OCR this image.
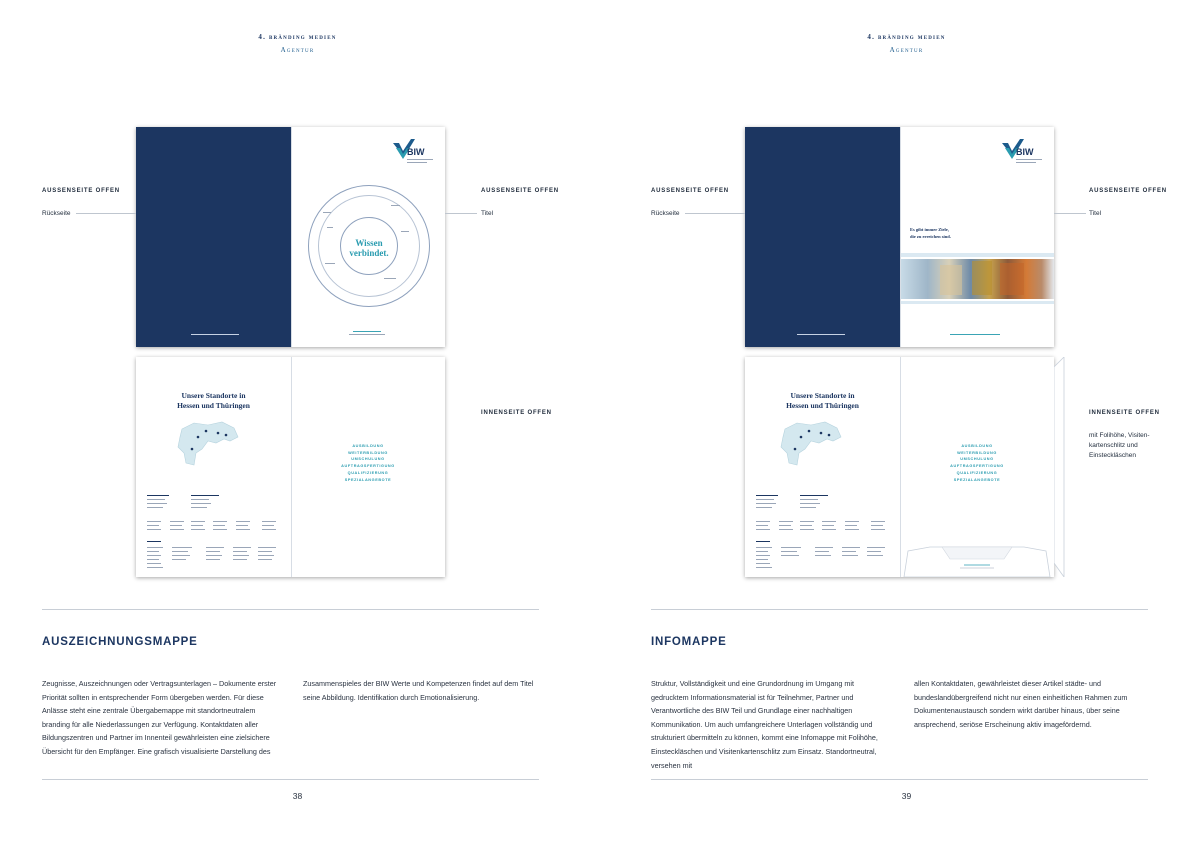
4. bränding medien
Agentur
BIW
Wissen
verbindet.
AUSSENSEITE OFFEN
Rückseite
AUSSENSEITE OFFEN
Titel
Unsere Standorte in
Hessen und Thüringen
AUSBILDUNG
WEITERBILDUNG
UMSCHULUNG
AUFTRAGSFERTIGUNG
QUALIFIZIERUNG
SPEZIALANGEBOTE
INNENSEITE OFFEN
AUSZEICHNUNGSMAPPE
Zeugnisse, Auszeichnungen oder Vertragsunterlagen – Dokumente erster Priorität sollten in entsprechender Form übergeben werden. Für diese Anlässe steht eine zentrale Übergabemappe mit standortneutralem branding für alle Niederlassungen zur Verfügung. Kontaktdaten aller Bildungszentren und Partner im Innenteil gewährleisten eine zielsichere Übersicht für den Empfänger. Eine grafisch visualisierte Darstellung des
Zusammenspieles der BIW Werte und Kompetenzen findet auf dem Titel seine Abbildung. Identifikation durch Emotionalisierung.
38
4. bränding medien
Agentur
BIW
Es gibt immer Ziele,
die zu erreichen sind.
AUSSENSEITE OFFEN
Rückseite
AUSSENSEITE OFFEN
Titel
Unsere Standorte in
Hessen und Thüringen
AUSBILDUNG
WEITERBILDUNG
UMSCHULUNG
AUFTRAGSFERTIGUNG
QUALIFIZIERUNG
SPEZIALANGEBOTE
INNENSEITE OFFEN
mit Folihöhe, Visiten-
kartenschlitz und
Einsteckläschen
INFOMAPPE
Struktur, Vollständigkeit und eine Grundordnung im Umgang mit gedrucktem Informationsmaterial ist für Teilnehmer, Partner und Verantwortliche des BIW Teil und Grundlage einer nachhaltigen Kommunikation. Um auch umfangreichere Unterlagen vollständig und strukturiert übermitteln zu können, kommt eine Infomappe mit Folihöhe, Einsteckläschen und Visitenkartenschlitz zum Einsatz. Standortneutral, versehen mit
allen Kontaktdaten, gewährleistet dieser Artikel städte- und bundeslandübergreifend nicht nur einen einheitlichen Rahmen zum Dokumentenaustausch sondern wirkt darüber hinaus, über seine ansprechend, seriöse Erscheinung aktiv imagefördernd.
39
